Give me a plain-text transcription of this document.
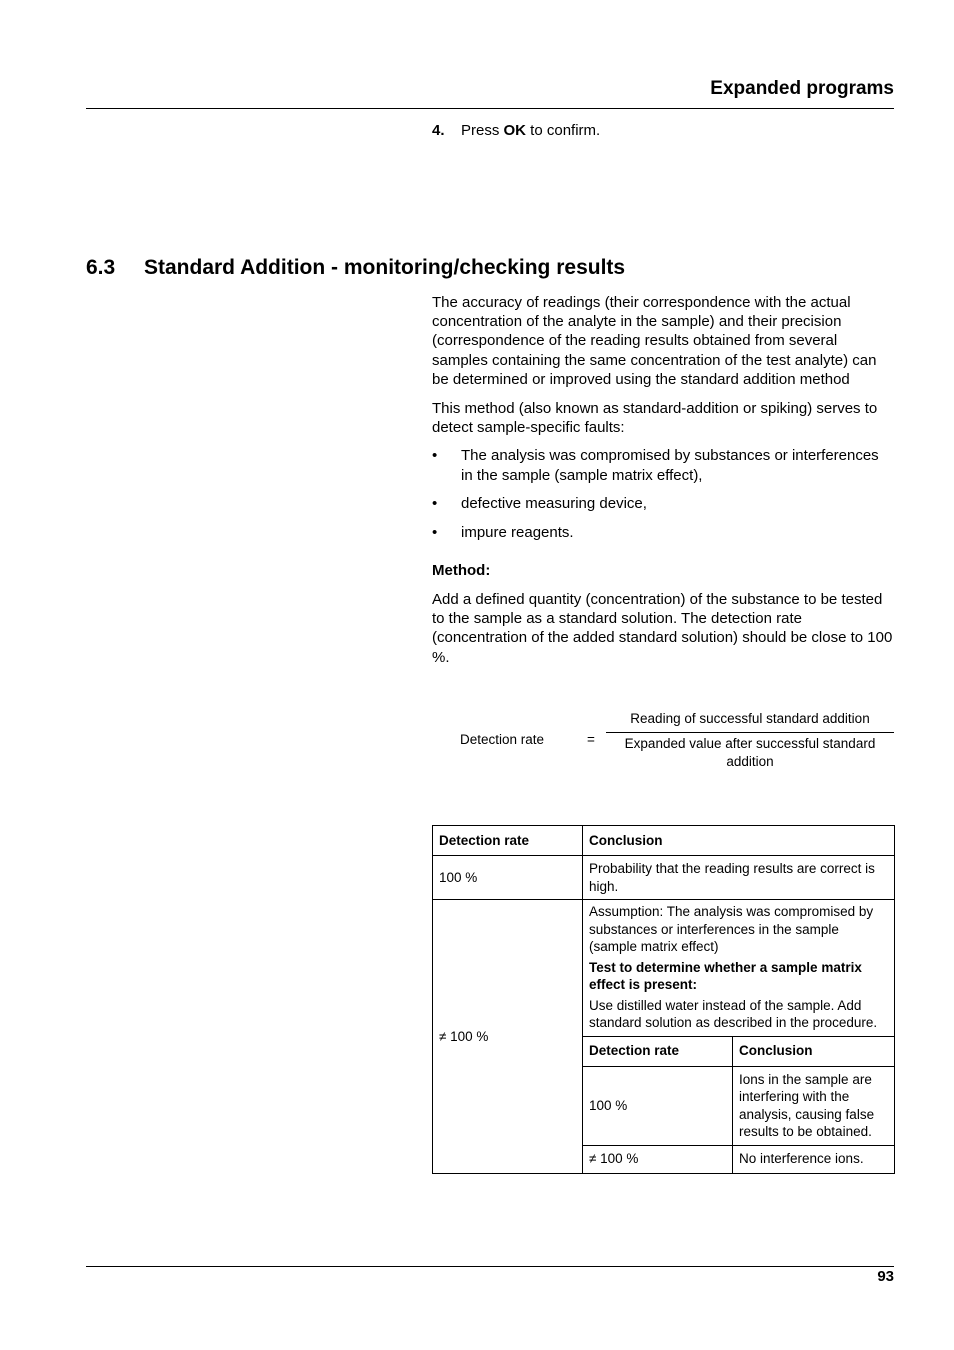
Expanded programs
4. Press OK to confirm.
6.3 Standard Addition - monitoring/checking results

The accuracy of readings (their correspondence with the actual concentration of the analyte in the sample) and their precision (correspondence of the reading results obtained from several samples containing the same concentration of the test analyte) can be determined or improved using the standard addition method

This method (also known as standard-addition or spiking) serves to detect sample-specific faults:

• The analysis was compromised by substances or interferences in the sample (sample matrix effect),
• defective measuring device,
• impure reagents.

Method:

Add a defined quantity (concentration) of the substance to be tested to the sample as a standard solution. The detection rate (concentration of the added standard solution) should be close to 100 %.

Detection rate	=
Reading of successful standard addition
Expanded value after successful standard addition
Detection rate	Conclusion
100 %	Probability that the reading results are correct is high.
≠ 100 %	

Assumption: The analysis was compromised by substances or interferences in the sample (sample matrix effect)

Test to determine whether a sample matrix effect is present:

Use distilled water instead of the sample. Add standard solution as described in the procedure.

Detection rate	Conclusion
100 %	Ions in the sample are interfering with the analysis, causing false results to be obtained.
≠ 100 %	No interference ions.
93
